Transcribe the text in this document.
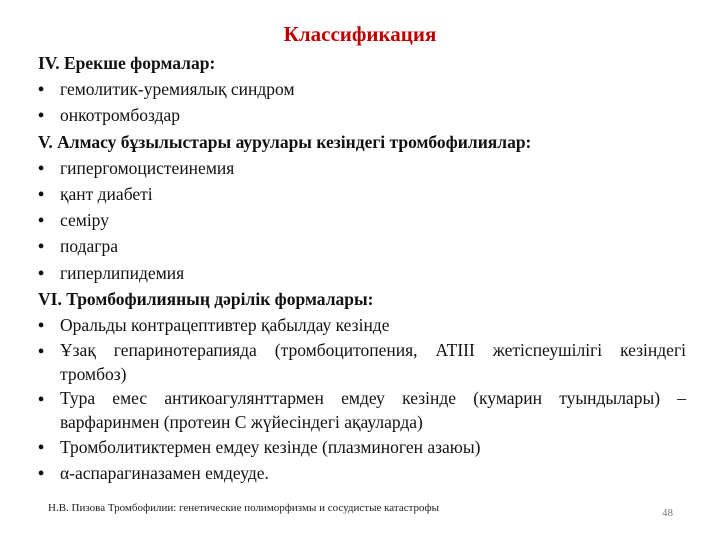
Классификация
IV. Ерекше формалар:
• гемолитик-уремиялық синдром
• онкотромбоздар
V. Алмасу бұзылыстары аурулары кезіндегі тромбофилиялар:
• гипергомоцистеинемия
• қант диабеті
• семіру
• подагра
• гиперлипидемия
VI. Тромбофилияның дәрілік формалары:
• Оральды контрацептивтер қабылдау кезінде
• Ұзақ гепаринотерапияда (тромбоцитопения, АТIII жетіспеушілігі кезіндегі тромбоз)
• Тура емес антикоагулянттармен емдеу кезінде (кумарин туындылары) – варфаринмен (протеин С жүйесіндегі ақауларда)
• Тромболитиктермен емдеу кезінде (плазминоген азаюы)
• α-аспарагиназамен емдеуде.
Н.В. Пизова Тромбофилии: генетические полиморфизмы и сосудистые катастрофы	48
